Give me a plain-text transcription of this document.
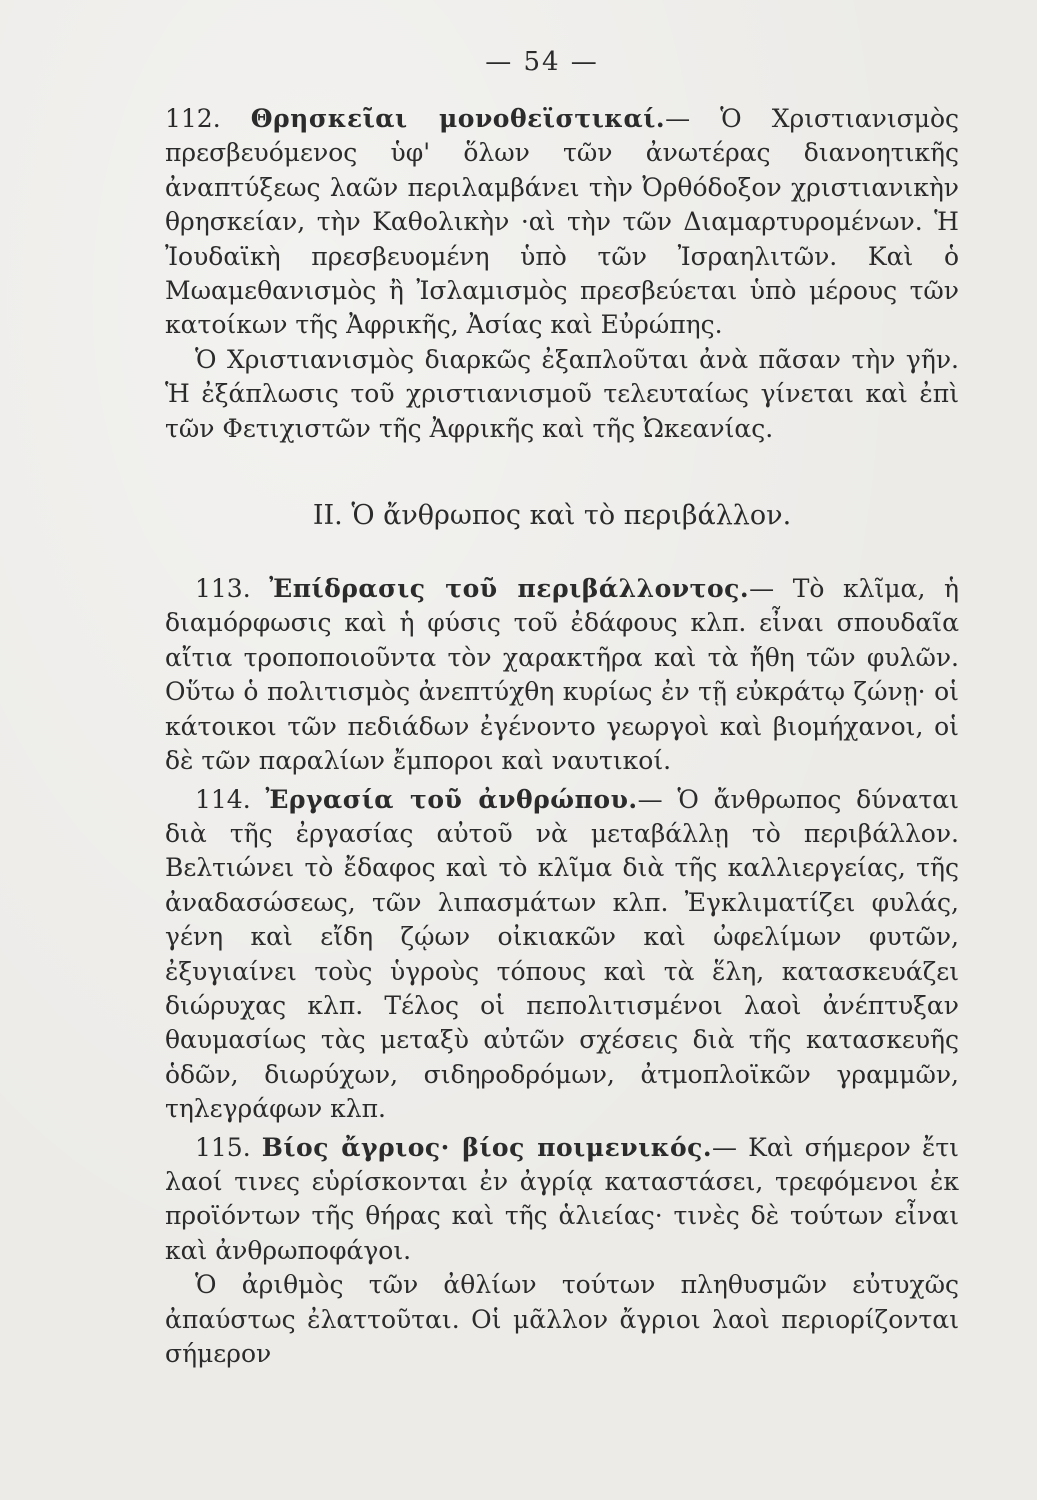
— 54 —

112. Θρησκεῖαι μονοθεϊστικαί.— Ὁ Χριστιανισμὸς πρεσβευόμενος ὑφ' ὅλων τῶν ἀνωτέρας διανοητικῆς ἀναπτύξεως λαῶν περιλαμβάνει τὴν Ὀρθόδοξον χριστιανικὴν θρησκείαν, τὴν Καθολικὴν ·αὶ τὴν τῶν Διαμαρτυρομένων. Ἡ Ἰουδαϊκὴ πρεσβευομένη ὑπὸ τῶν Ἰσραηλιτῶν. Καὶ ὁ Μωαμεθανισμὸς ἢ Ἰσλαμισμὸς πρεσβεύεται ὑπὸ μέρους τῶν κατοίκων τῆς Ἀφρικῆς, Ἀσίας καὶ Εὐρώπης.

Ὁ Χριστιανισμὸς διαρκῶς ἐξαπλοῦται ἀνὰ πᾶσαν τὴν γῆν. Ἡ ἐξάπλωσις τοῦ χριστιανισμοῦ τελευταίως γίνεται καὶ ἐπὶ τῶν Φετιχιστῶν τῆς Ἀφρικῆς καὶ τῆς Ὠκεανίας.

ΙΙ. Ὁ ἄνθρωπος καὶ τὸ περιβάλλον.

113. Ἐπίδρασις τοῦ περιβάλλοντος.— Τὸ κλῖμα, ἡ διαμόρφωσις καὶ ἡ φύσις τοῦ ἐδάφους κλπ. εἶναι σπουδαῖα αἴτια τροποποιοῦντα τὸν χαρακτῆρα καὶ τὰ ἤθη τῶν φυλῶν. Οὕτω ὁ πολιτισμὸς ἀνεπτύχθη κυρίως ἐν τῇ εὐκράτῳ ζώνῃ· οἱ κάτοικοι τῶν πεδιάδων ἐγένοντο γεωργοὶ καὶ βιομήχανοι, οἱ δὲ τῶν παραλίων ἔμποροι καὶ ναυτικοί.

114. Ἐργασία τοῦ ἀνθρώπου.— Ὁ ἄνθρωπος δύναται διὰ τῆς ἐργασίας αὐτοῦ νὰ μεταβάλλῃ τὸ περιβάλλον. Βελτιώνει τὸ ἔδαφος καὶ τὸ κλῖμα διὰ τῆς καλλιεργείας, τῆς ἀναδασώσεως, τῶν λιπασμάτων κλπ. Ἐγκλιματίζει φυλάς, γένη καὶ εἴδη ζῴων οἰκιακῶν καὶ ὠφελίμων φυτῶν, ἐξυγιαίνει τοὺς ὑγροὺς τόπους καὶ τὰ ἕλη, κατασκευάζει διώρυχας κλπ. Τέλος οἱ πεπολιτισμένοι λαοὶ ἀνέπτυξαν θαυμασίως τὰς μεταξὺ αὐτῶν σχέσεις διὰ τῆς κατασκευῆς ὁδῶν, διωρύχων, σιδηροδρόμων, ἀτμοπλοϊκῶν γραμμῶν, τηλεγράφων κλπ.

115. Βίος ἄγριος· βίος ποιμενικός.— Καὶ σήμερον ἔτι λαοί τινες εὑρίσκονται ἐν ἀγρίᾳ καταστάσει, τρεφόμενοι ἐκ προϊόντων τῆς θήρας καὶ τῆς ἁλιείας· τινὲς δὲ τούτων εἶναι καὶ ἀνθρωποφάγοι.

Ὁ ἀριθμὸς τῶν ἀθλίων τούτων πληθυσμῶν εὐτυχῶς ἀπαύστως ἐλαττοῦται. Οἱ μᾶλλον ἄγριοι λαοὶ περιορίζονται σήμερον
